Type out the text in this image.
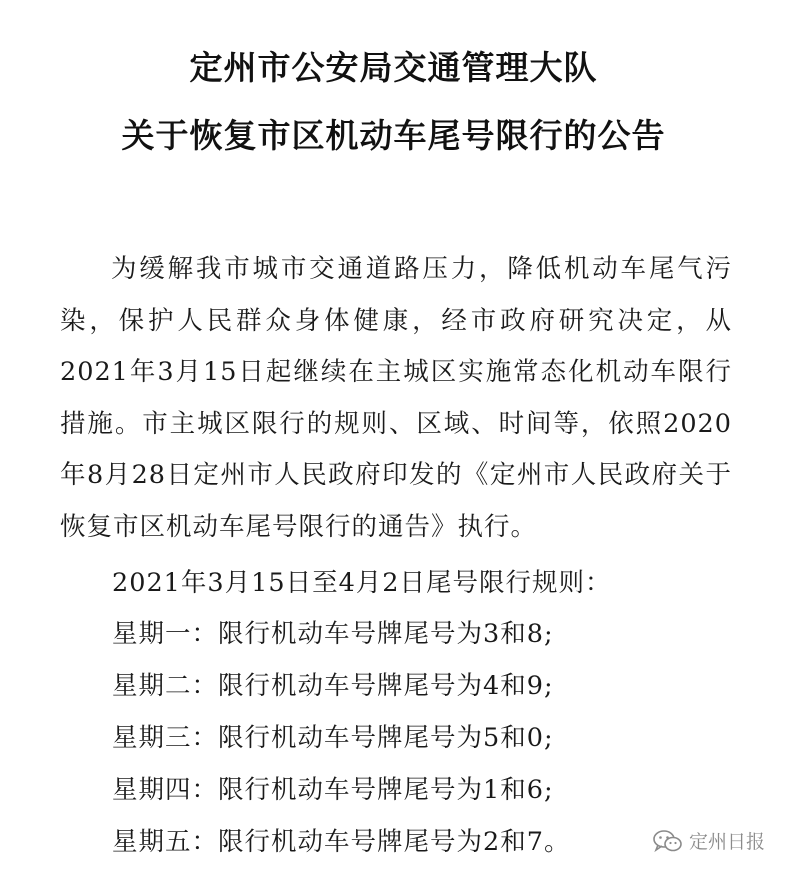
定州市公安局交通管理大队
关于恢复市区机动车尾号限行的公告

为缓解我市城市交通道路压力，降低机动车尾气污染，保护人民群众身体健康，经市政府研究决定，从2021年3月15日起继续在主城区实施常态化机动车限行措施。市主城区限行的规则、区域、时间等，依照2020年8月28日定州市人民政府印发的《定州市人民政府关于恢复市区机动车尾号限行的通告》执行。

2021年3月15日至4月2日尾号限行规则：

星期一：限行机动车号牌尾号为3和8;

星期二：限行机动车号牌尾号为4和9;

星期三：限行机动车号牌尾号为5和0;

星期四：限行机动车号牌尾号为1和6;

星期五：限行机动车号牌尾号为2和7。	定州日报
